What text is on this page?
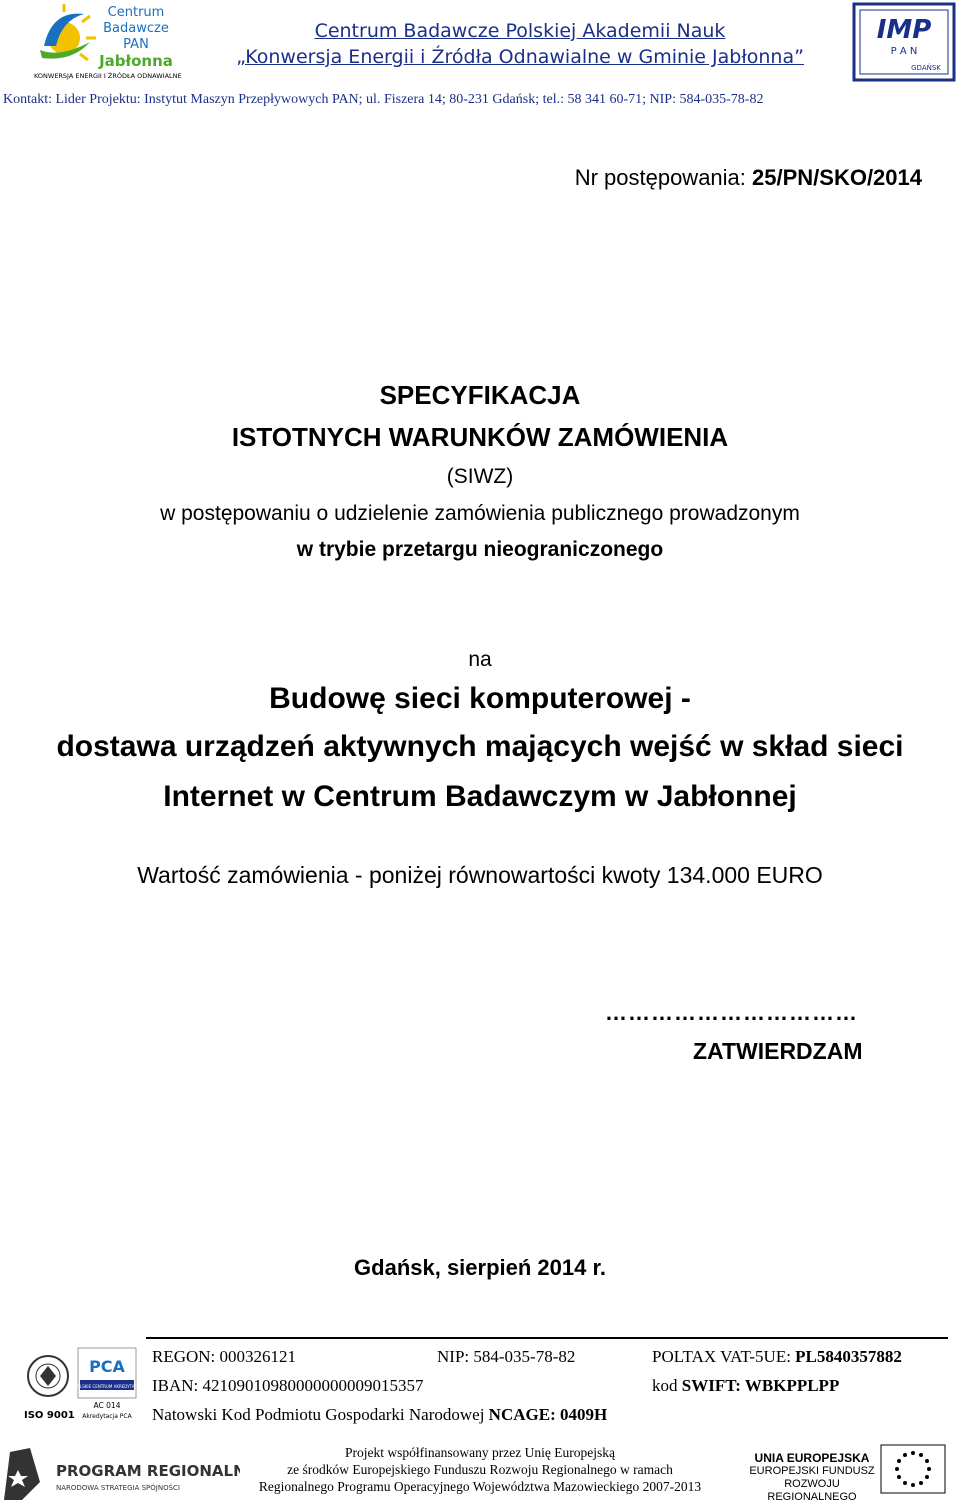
Centrum
Badawcze
PAN
Jabłonna
KONWERSJA ENERGII I ŹRÓDŁA ODNAWIALNE
Centrum Badawcze Polskiej Akademii Nauk
„Konwersja Energii i Źródła Odnawialne w Gminie Jabłonna”
IMP
P A N
GDAŃSK
Kontakt: Lider Projektu: Instytut Maszyn Przepływowych PAN; ul. Fiszera 14; 80-231 Gdańsk; tel.: 58 341 60-71; NIP: 584-035-78-82
Nr postępowania: 25/PN/SKO/2014
SPECYFIKACJA
ISTOTNYCH WARUNKÓW ZAMÓWIENIA
(SIWZ)
w postępowaniu o udzielenie zamówienia publicznego prowadzonym
w trybie przetargu nieograniczonego
na
Budowę sieci komputerowej -
dostawa urządzeń aktywnych mających wejść w skład sieci
Internet w Centrum Badawczym w Jabłonnej
Wartość zamówienia - poniżej równowartości kwoty 134.000 EURO
……………………………
ZATWIERDZAM
Gdańsk, sierpień 2014 r.
ISO 9001
PCA
POLSKIE CENTRUM AKREDYTACJI
AC 014
Akredytacja PCA
REGON: 000326121	NIP: 584-035-78-82	POLTAX VAT-5UE: PL5840357882
IBAN: 42109010980000000009015357	kod SWIFT: WBKPPLPP
Natowski Kod Podmiotu Gospodarki Narodowej NCAGE: 0409H
PROGRAM REGIONALNY
NARODOWA STRATEGIA SPÓJNOŚCI
Projekt współfinansowany przez Unię Europejską
ze środków Europejskiego Funduszu Rozwoju Regionalnego w ramach
Regionalnego Programu Operacyjnego Województwa Mazowieckiego 2007-2013
UNIA EUROPEJSKA
EUROPEJSKI FUNDUSZ
ROZWOJU REGIONALNEGO
